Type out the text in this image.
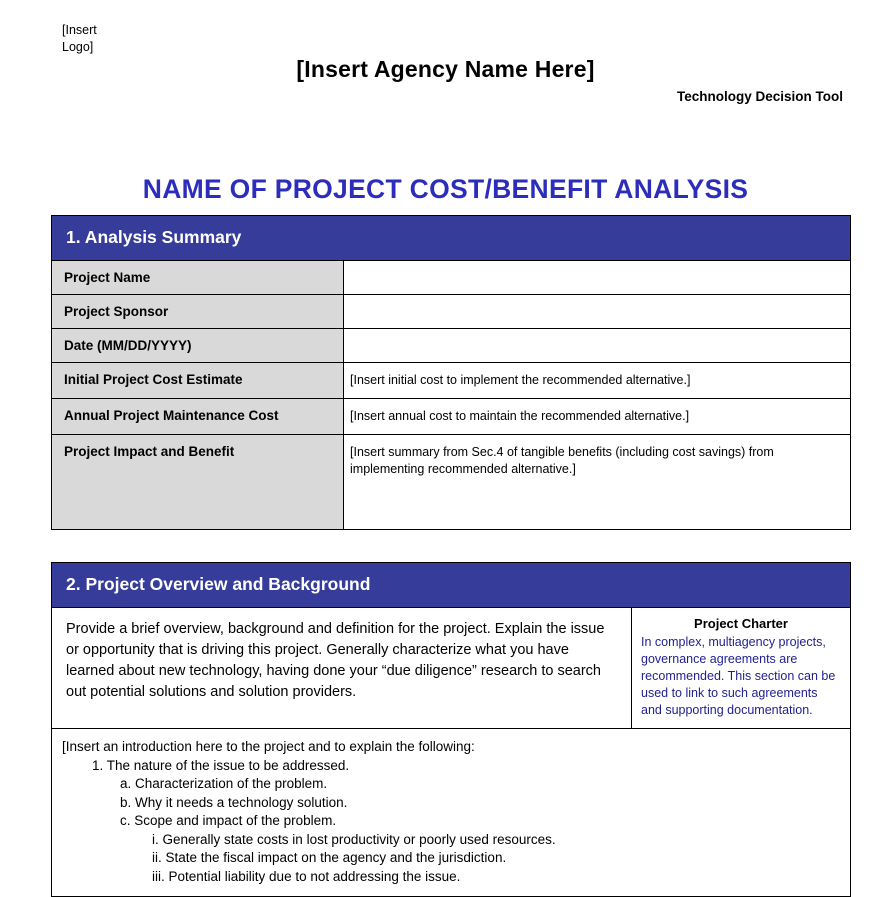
[Insert Logo]
[Insert Agency Name Here]
Technology Decision Tool
NAME OF PROJECT COST/BENEFIT ANALYSIS
1. Analysis Summary
Project Name
Project Sponsor
Date (MM/DD/YYYY)
Initial Project Cost Estimate	[Insert initial cost to implement the recommended alternative.]
Annual Project Maintenance Cost	[Insert annual cost to maintain the recommended alternative.]
Project Impact and Benefit	[Insert summary from Sec.4 of tangible benefits (including cost savings) from implementing recommended alternative.]
2. Project Overview and Background
Provide a brief overview, background and definition for the project. Explain the issue or opportunity that is driving this project. Generally characterize what you have learned about new technology, having done your “due diligence” research to search out potential solutions and solution providers.
Project Charter
In complex, multiagency projects, governance agreements are recommended. This section can be used to link to such agreements and supporting documentation.
[Insert an introduction here to the project and to explain the following:
1. The nature of the issue to be addressed.
a. Characterization of the problem.
b. Why it needs a technology solution.
c. Scope and impact of the problem.
i. Generally state costs in lost productivity or poorly used resources.
ii. State the fiscal impact on the agency and the jurisdiction.
iii. Potential liability due to not addressing the issue.
